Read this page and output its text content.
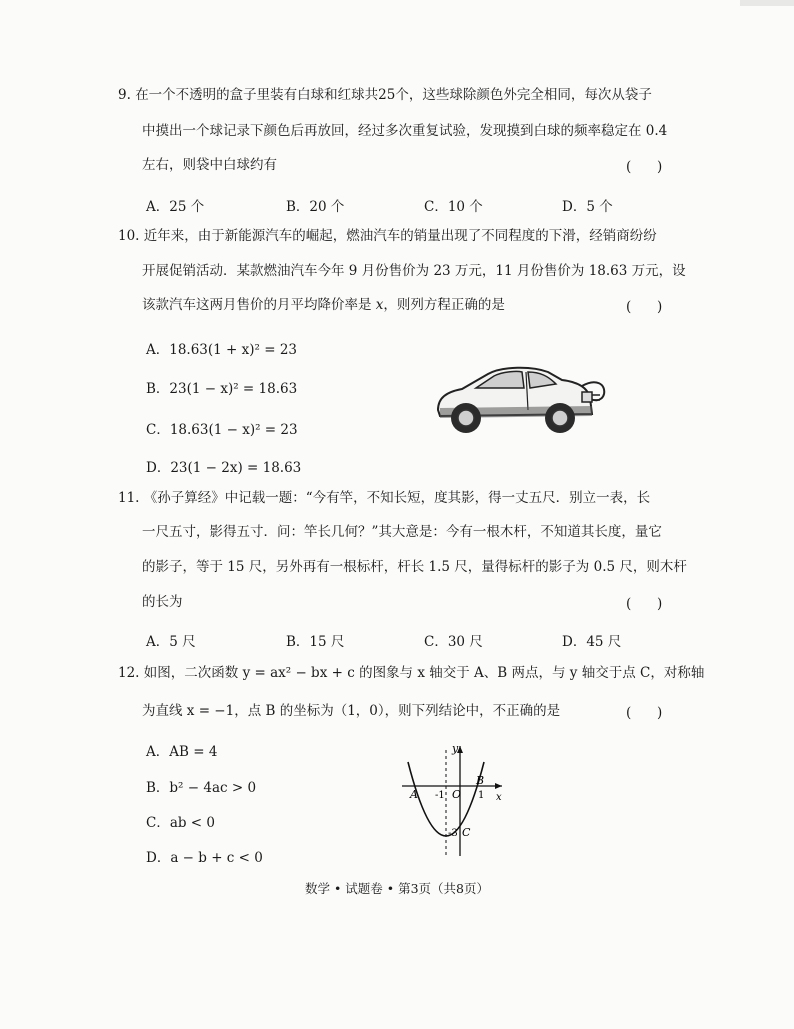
9. 在一个不透明的盒子里装有白球和红球共25个，这些球除颜色外完全相同，每次从袋子
中摸出一个球记录下颜色后再放回，经过多次重复试验，发现摸到白球的频率稳定在 0.4
左右，则袋中白球约有	(      )
A．25 个	B．20 个	C．10 个	D．5 个
10. 近年来，由于新能源汽车的崛起，燃油汽车的销量出现了不同程度的下滑，经销商纷纷
开展促销活动．某款燃油汽车今年 9 月份售价为 23 万元，11 月份售价为 18.63 万元，设
该款汽车这两月售价的月平均降价率是 x，则列方程正确的是	(      )
A．18.63(1 + x)² = 23
B．23(1 − x)² = 18.63
C．18.63(1 − x)² = 23
D．23(1 − 2x) = 18.63
11. 《孙子算经》中记载一题：“今有竿，不知长短，度其影，得一丈五尺．别立一表，长
一尺五寸，影得五寸．问：竿长几何？”其大意是：今有一根木杆，不知道其长度，量它
的影子，等于 15 尺，另外再有一根标杆，杆长 1.5 尺，量得标杆的影子为 0.5 尺，则木杆
的长为	(      )
A．5 尺	B．15 尺	C．30 尺	D．45 尺
12. 如图，二次函数 y = ax² − bx + c 的图象与 x 轴交于 A、B 两点，与 y 轴交于点 C，对称轴
为直线 x = −1，点 B 的坐标为（1，0），则下列结论中，不正确的是	(      )
A．AB = 4
B．b² − 4ac > 0
C．ab < 0
D．a − b + c < 0
y
x
A
B
O
-1	1
-3 C
数学 • 试题卷 • 第3页（共8页）
